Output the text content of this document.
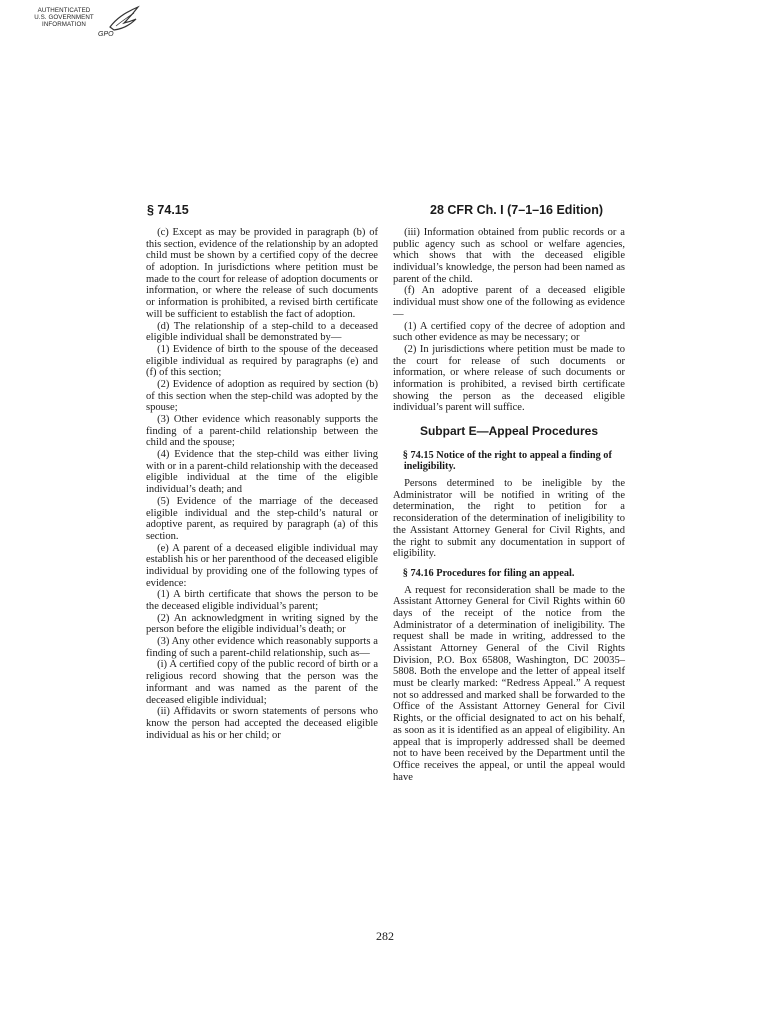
AUTHENTICATED
U.S. GOVERNMENT
INFORMATION
GPO
§ 74.15	28 CFR Ch. I (7–1–16 Edition)

(c) Except as may be provided in paragraph (b) of this section, evidence of the relationship by an adopted child must be shown by a certified copy of the decree of adoption. In jurisdictions where petition must be made to the court for release of adoption documents or information, or where the release of such documents or information is prohibited, a revised birth certificate will be sufficient to establish the fact of adoption.

(d) The relationship of a step-child to a deceased eligible individual shall be demonstrated by—

(1) Evidence of birth to the spouse of the deceased eligible individual as required by paragraphs (e) and (f) of this section;

(2) Evidence of adoption as required by section (b) of this section when the step-child was adopted by the spouse;

(3) Other evidence which reasonably supports the finding of a parent-child relationship between the child and the spouse;

(4) Evidence that the step-child was either living with or in a parent-child relationship with the deceased eligible individual at the time of the eligible individual’s death; and

(5) Evidence of the marriage of the deceased eligible individual and the step-child’s natural or adoptive parent, as required by paragraph (a) of this section.

(e) A parent of a deceased eligible individual may establish his or her parenthood of the deceased eligible individual by providing one of the following types of evidence:

(1) A birth certificate that shows the person to be the deceased eligible individual’s parent;

(2) An acknowledgment in writing signed by the person before the eligible individual’s death; or

(3) Any other evidence which reasonably supports a finding of such a parent-child relationship, such as—

(i) A certified copy of the public record of birth or a religious record showing that the person was the informant and was named as the parent of the deceased eligible individual;

(ii) Affidavits or sworn statements of persons who know the person had accepted the deceased eligible individual as his or her child; or

(iii) Information obtained from public records or a public agency such as school or welfare agencies, which shows that with the deceased eligible individual’s knowledge, the person had been named as parent of the child.

(f) An adoptive parent of a deceased eligible individual must show one of the following as evidence—

(1) A certified copy of the decree of adoption and such other evidence as may be necessary; or

(2) In jurisdictions where petition must be made to the court for release of such documents or information, or where release of such documents or information is prohibited, a revised birth certificate showing the person as the deceased eligible individual’s parent will suffice.

Subpart E—Appeal Procedures
§ 74.15 Notice of the right to appeal a finding of ineligibility.

Persons determined to be ineligible by the Administrator will be notified in writing of the determination, the right to petition for a reconsideration of the determination of ineligibility to the Assistant Attorney General for Civil Rights, and the right to submit any documentation in support of eligibility.

§ 74.16 Procedures for filing an appeal.

A request for reconsideration shall be made to the Assistant Attorney General for Civil Rights within 60 days of the receipt of the notice from the Administrator of a determination of ineligibility. The request shall be made in writing, addressed to the Assistant Attorney General of the Civil Rights Division, P.O. Box 65808, Washington, DC 20035–5808. Both the envelope and the letter of appeal itself must be clearly marked: “Redress Appeal.” A request not so addressed and marked shall be forwarded to the Office of the Assistant Attorney General for Civil Rights, or the official designated to act on his behalf, as soon as it is identified as an appeal of eligibility. An appeal that is improperly addressed shall be deemed not to have been received by the Department until the Office receives the appeal, or until the appeal would have

282
